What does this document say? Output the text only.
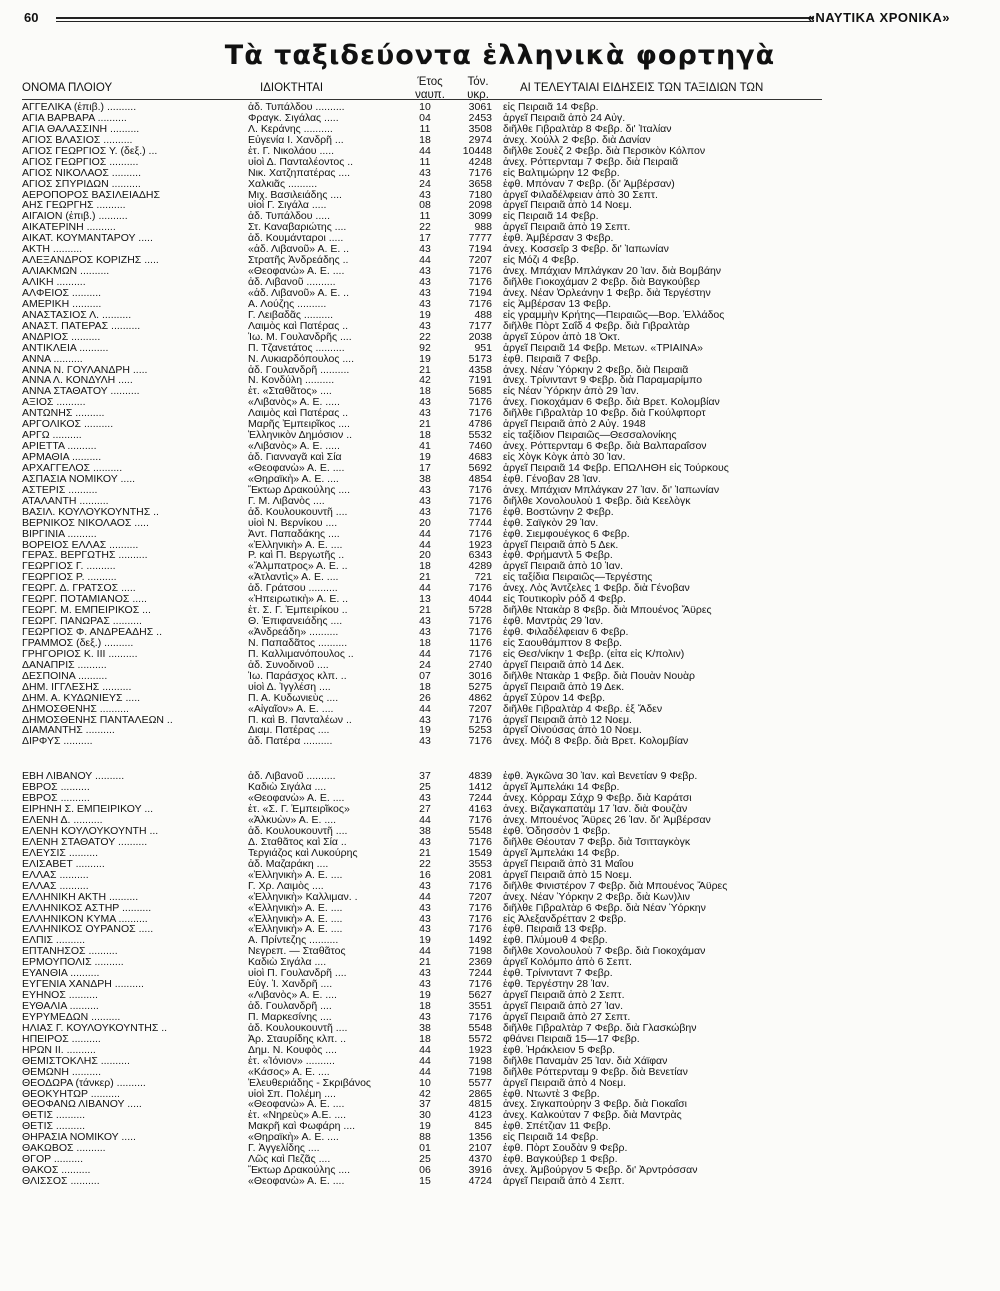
60	«ΝΑΥΤΙΚΑ ΧΡΟΝΙΚΑ»
Τὰ ταξιδεύοντα ἑλληνικὰ φορτηγὰ
ΟΝΟΜΑ ΠΛΟΙΟΥ	ΙΔΙΟΚΤΗΤΑΙ	Έτος ναυπ.
Τόν. υκρ.
ΑΙ ΤΕΛΕΥΤΑΙΑΙ ΕΙΔΗΣΕΙΣ ΤΩΝ ΤΑΞΙΔΙΩΝ ΤΩΝ
ΑΓΓΕΛΙΚΑ (ἐπιβ.) ..........	ἀδ. Τυπάλδου ..........	10	3061 εἰς Πειραιᾶ 14 Φεβρ.
ΑΓΙΑ ΒΑΡΒΑΡΑ ..........	Φραγκ. Σιγάλας .....	04	2453 ἀργεῖ Πειραιᾶ ἀπὸ 24 Αὐγ.
ΑΓΙΑ ΘΑΛΑΣΣΙΝΗ ..........	Λ. Κεράνης ..........	11	3508 διῆλθε Γιβραλτὰρ 8 Φεβρ. δι' Ἰταλίαν
ΑΓΙΟΣ ΒΛΑΣΙΟΣ ..........	Εὐγενία Ι. Χανδρῆ ...	18	2974 ἀνεχ. Χούλλ 2 Φεβρ. διὰ Δανίαν
ΑΓΙΟΣ ΓΕΩΡΓΙΟΣ Υ. (δεξ.) ...	ἐτ. Γ. Νικολάου .....	44	10448 διῆλθε Σουὲζ 2 Φεβρ. διὰ Περσικὸν Κόλπον
ΑΓΙΟΣ ΓΕΩΡΓΙΟΣ ..........	υἱοὶ Δ. Πανταλέοντος ..	11	4248 ἀνεχ. Ρόττερνταμ 7 Φεβρ. διὰ Πειραιᾶ
ΑΓΙΟΣ ΝΙΚΟΛΑΟΣ ..........	Νικ. Χατζηπατέρας ....	43	7176 εἰς Βαλτιμώρην 12 Φεβρ.
ΑΓΙΟΣ ΣΠΥΡΙΔΩΝ ..........	Χαλκιᾶς ..........	24	3658 ἐφθ. Μπόναν 7 Φεβρ. (δι' Ἀμβέρσαν)
ΑΕΡΟΠΟΡΟΣ ΒΑΣΙΛΕΙΑΔΗΣ	Μιχ. Βασιλειάδης ....	43	7180 ἀργεῖ Φιλαδέλφειαν ἀπὸ 30 Σεπτ.
ΑΗΣ ΓΕΩΡΓΗΣ ..........	υἱοὶ Γ. Σιγάλα .....	08	2098 ἀργεῖ Πειραιᾶ ἀπὸ 14 Νοεμ.
ΑΙΓΑΙΟΝ (ἐπιβ.) ..........	ἀδ. Τυπάλδου .....	11	3099 εἰς Πειραιᾶ 14 Φεβρ.
ΑΙΚΑΤΕΡΙΝΗ ..........	Στ. Καναβαριώτης ....	22	988 ἀργεῖ Πειραιᾶ ἀπὸ 19 Σεπτ.
ΑΙΚΑΤ. ΚΟΥΜΑΝΤΑΡΟΥ .....	ἀδ. Κουμάνταροι .....	17	7777 ἐφθ. Ἀμβέρσαν 3 Φεβρ.
ΑΚΤΗ ..........	«ἀδ. Λιβανοῦ» Α. Ε. ..	43	7194 ἀνεχ. Κοσσεΐρ 3 Φεβρ. δι' Ἰαπωνίαν
ΑΛΕΞΑΝΔΡΟΣ ΚΟΡΙΖΗΣ .....	Στρατῆς Ἀνδρεάδης ..	44	7207 εἰς Μόζι 4 Φεβρ.
ΑΛΙΑΚΜΩΝ ..........	«Θεοφανὼ» Α. Ε. ....	43	7176 ἀνεχ. Μπάχιαν Μπλάγκαν 20 Ἰαν. διὰ Βομβάην
ΑΛΙΚΗ ..........	ἀδ. Λιβανοῦ ..........	43	7176 διῆλθε Γιοκοχάμαν 2 Φεβρ. διὰ Βαγκούβερ
ΑΛΦΕΙΟΣ ..........	«ἀδ. Λιβανοῦ» Α. Ε. ..	43	7194 ἀνεχ. Νέαν Ὀρλεάνην 1 Φεβρ. διὰ Τεργέστην
ΑΜΕΡΙΚΗ ..........	Α. Λούζης ..........	43	7176 εἰς Ἀμβέρσαν 13 Φεβρ.
ΑΝΑΣΤΑΣΙΟΣ Λ. ..........	Γ. Λειβαδᾶς ..........	19	488 εἰς γραμμὴν Κρήτης—Πειραιῶς—Βορ. Ἑλλάδος
ΑΝΑΣΤ. ΠΑΤΕΡΑΣ ..........	Λαιμὸς καὶ Πατέρας ..	43	7177 διῆλθε Πὸρτ Σαΐδ 4 Φεβρ. διὰ Γιβραλτὰρ
ΑΝΔΡΙΟΣ ..........	Ἰω. Μ. Γουλανδρῆς ....	22	2038 ἀργεῖ Σύρον ἀπὸ 18 Ὀκτ.
ΑΝΤΙΚΛΕΙΑ ..........	Π. Τζανετάτος ..........	92	951 ἀργεῖ Πειραιᾶ 14 Φεβρ. Μετων. «ΤΡΙΑΙΝΑ»
ΑΝΝΑ ..........	Ν. Λυκιαρδόπουλος ....	19	5173 ἐφθ. Πειραιᾶ 7 Φεβρ.
ΑΝΝΑ Ν. ΓΟΥΛΑΝΔΡΗ .....	ἀδ. Γουλανδρῆ ..........	21	4358 ἀνεχ. Νέαν Ὑόρκην 2 Φεβρ. διὰ Πειραιᾶ
ΑΝΝΑ Λ. ΚΟΝΔΥΛΗ .....	Ν. Κονδύλη ..........	42	7191 ἀνεχ. Τρίνινταντ 9 Φεβρ. διὰ Παραμαρίμπο
ΑΝΝΑ ΣΤΑΘΑΤΟΥ ..........	ἐτ. «Σταθᾶτος» ....	18	5685 εἰς Νέαν Ὑόρκην ἀπὸ 29 Ἰαν.
ΑΞΙΟΣ ..........	«Λιβανὸς» Α. Ε. .....	43	7176 ἀνεχ. Γιοκοχάμαν 6 Φεβρ. διὰ Βρετ. Κολομβίαν
ΑΝΤΩΝΗΣ ..........	Λαιμὸς καὶ Πατέρας ..	43	7176 διῆλθε Γιβραλτὰρ 10 Φεβρ. διὰ Γκούλφπορτ
ΑΡΓΟΛΙΚΟΣ ..........	Μαρῆς Ἐμπειρῖκος ....	21	4786 ἀργεῖ Πειραιᾶ ἀπὸ 2 Αὐγ. 1948
ΑΡΓΩ ..........	Ἑλληνικὸν Δημόσιον ..	18	5532 εἰς ταξίδιον Πειραιῶς—Θεσσαλονίκης
ΑΡΙΕΤΤΑ ..........	«Λιβανὸς» Α. Ε. .....	41	7460 ἀνεχ. Ρόττερνταμ 6 Φεβρ. διὰ Βαλπαραΐσον
ΑΡΜΑΘΙΑ ..........	ἀδ. Γιανναγᾶ καὶ Σία	19	4683 εἰς Χὸγκ Κὸγκ ἀπὸ 30 Ἰαν.
ΑΡΧΑΓΓΕΛΟΣ ..........	«Θεοφανὼ» Α. Ε. ....	17	5692 ἀργεῖ Πειραιᾶ 14 Φεβρ. ΕΠΩΛΗΘΗ εἰς Τούρκους
ΑΣΠΑΣΙΑ ΝΟΜΙΚΟΥ .....	«Θηραϊκὴ» Α. Ε. ....	38	4854 ἐφθ. Γένοβαν 28 Ἰαν.
ΑΣΤΕΡΙΣ ..........	Ἕκτωρ Δρακούλης ....	43	7176 ἀνεχ. Μπάχιαν Μπλάγκαν 27 Ἰαν. δι' Ἰαπωνίαν
ΑΤΑΛΑΝΤΗ ..........	Γ. Μ. Λιβανὸς ....	43	7176 διῆλθε Χονολουλοὺ 1 Φεβρ. διὰ Κεελὸγκ
ΒΑΣΙΛ. ΚΟΥΛΟΥΚΟΥΝΤΗΣ ..	ἀδ. Κουλουκουντῆ ....	43	7176 ἐφθ. Βοστώνην 2 Φεβρ.
ΒΕΡΝΙΚΟΣ ΝΙΚΟΛΑΟΣ .....	υἱοὶ Ν. Βερνίκου ....	20	7744 ἐφθ. Σαϊγκὸν 29 Ἰαν.
ΒΙΡΓΙΝΙΑ ..........	Ἀντ. Παπαδάκης ....	44	7176 ἐφθ. Σιεμφουέγκος 6 Φεβρ.
ΒΟΡΕΙΟΣ ΕΛΛΑΣ ..........	«Ἑλληνικὴ» Α. Ε. ....	44	1923 ἀργεῖ Πειραιᾶ ἀπὸ 5 Δεκ.
ΓΕΡΑΣ. ΒΕΡΓΩΤΗΣ ..........	Ρ. καὶ Π. Βεργωτῆς ..	20	6343 ἐφθ. Φρήμαντλ 5 Φεβρ.
ΓΕΩΡΓΙΟΣ Γ. ..........	«Ἄλμπατρος» Α. Ε. ..	18	4289 ἀργεῖ Πειραιᾶ ἀπὸ 10 Ἰαν.
ΓΕΩΡΓΙΟΣ Ρ. ..........	«Ἀτλαντὶς» Α. Ε. ....	21	721 εἰς ταξίδια Πειραιῶς—Τεργέστης
ΓΕΩΡΓ. Δ. ΓΡΑΤΣΟΣ .....	ἀδ. Γράτσου ..........	44	7176 ἀνεχ. Λὸς Ἀντζελες 1 Φεβρ. διὰ Γένοβαν
ΓΕΩΡΓ. ΠΟΤΑΜΙΑΝΟΣ .....	«Ἠπειρωτικὴ» Α. Ε. ..	13	4044 εἰς Τουτικορὶν ρόδ 4 Φεβρ.
ΓΕΩΡΓ. Μ. ΕΜΠΕΙΡΙΚΟΣ ...	ἐτ. Σ. Γ. Ἐμπειρίκου ..	21	5728 διῆλθε Ντακὰρ 8 Φεβρ. διὰ Μπουένος Ἄϋρες
ΓΕΩΡΓ. ΠΑΝΩΡΑΣ ..........	Θ. Ἐπιφανειάδης ....	43	7176 ἐφθ. Μαντρὰς 29 Ἰαν.
ΓΕΩΡΓΙΟΣ Φ. ΑΝΔΡΕΑΔΗΣ ..	«Ἀνδρεάδη» ..........	43	7176 ἐφθ. Φιλαδέλφειαν 6 Φεβρ.
ΓΡΑΜΜΟΣ (δεξ.) ..........	Ν. Παπαδᾶτος ..........	18	1176 εἰς Σαουθάμπτον 8 Φεβρ.
ΓΡΗΓΟΡΙΟΣ Κ. ΙΙΙ ..........	Π. Καλλιμανόπουλος ..	44	7176 εἰς Θεσ/νίκην 1 Φεβρ. (εἶτα εἰς Κ/πολιν)
ΔΑΝΑΠΡΙΣ ..........	ἀδ. Συνοδινοῦ ....	24	2740 ἀργεῖ Πειραιᾶ ἀπὸ 14 Δεκ.
ΔΕΣΠΟΙΝΑ ..........	Ἰω. Παράσχος κλπ. ..	07	3016 διῆλθε Ντακὰρ 1 Φεβρ. διὰ Πουὰν Νουὰρ
ΔΗΜ. ΙΓΓΛΕΣΗΣ ..........	υἱοὶ Δ. Ἰγγλέση ....	18	5275 ἀργεῖ Πειραιᾶ ἀπὸ 19 Δεκ.
ΔΗΜ. Α. ΚΥΔΩΝΙΕΥΣ .....	Π. Α. Κυδωνιεὺς ....	26	4862 ἀργεῖ Σύρον 14 Φεβρ.
ΔΗΜΟΣΘΕΝΗΣ ..........	«Αἰγαῖον» Α. Ε. ....	44	7207 διῆλθε Γιβραλτὰρ 4 Φεβρ. ἐξ Ἄδεν
ΔΗΜΟΣΘΕΝΗΣ ΠΑΝΤΑΛΕΩΝ ..	Π. καὶ Β. Πανταλέων ..	43	7176 ἀργεῖ Πειραιᾶ ἀπὸ 12 Νοεμ.
ΔΙΑΜΑΝΤΗΣ ..........	Διαμ. Πατέρας ....	19	5253 ἀργεῖ Οἰνούσας ἀπὸ 10 Νοεμ.
ΔΙΡΦΥΣ ..........	ἀδ. Πατέρα ..........	43	7176 ἀνεχ. Μόζι 8 Φεβρ. διὰ Βρετ. Κολομβίαν
ΕΒΗ ΛΙΒΑΝΟΥ ..........	ἀδ. Λιβανοῦ ..........	37	4839 ἐφθ. Ἀγκῶνα 30 Ἰαν. καὶ Βενετίαν 9 Φεβρ.
ΕΒΡΟΣ ..........	Καδιὼ Σιγάλα ....	25	1412 ἀργεῖ Ἀμπελάκι 14 Φεβρ.
ΕΒΡΟΣ ..........	«Θεοφανὼ» Α. Ε. ....	43	7244 ἀνεχ. Κόρραμ Σάχρ 9 Φεβρ. διὰ Καράτσι
ΕΙΡΗΝΗ Σ. ΕΜΠΕΙΡΙΚΟΥ ...	ἐτ. «Σ. Γ. Ἐμπειρῖκος»	27	4163 ἀνεχ. Βιζαγκαπατὰμ 17 Ἰαν. διὰ Φουζὰν
ΕΛΕΝΗ Δ. ..........	«Ἀλκυὼν» Α. Ε. ....	44	7176 ἀνεχ. Μπουένος Ἄϋρες 26 Ἰαν. δι' Ἀμβέρσαν
ΕΛΕΝΗ ΚΟΥΛΟΥΚΟΥΝΤΗ ...	ἀδ. Κουλουκουντῆ ....	38	5548 ἐφθ. Ὀδησσὸν 1 Φεβρ.
ΕΛΕΝΗ ΣΤΑΘΑΤΟΥ ..........	Δ. Σταθᾶτος καὶ Σία ..	43	7176 διῆλθε Θέουταν 7 Φεβρ. διὰ Τσιτταγκὸγκ
ΕΛΕΥΣΙΣ ..........	Τεργιάζος καὶ Λυκούρης	21	1549 ἀργεῖ Ἀμπελάκι 14 Φεβρ.
ΕΛΙΣΑΒΕΤ ..........	ἀδ. Μαζαράκη ....	22	3553 ἀργεῖ Πειραιᾶ ἀπὸ 31 Μαΐου
ΕΛΛΑΣ ..........	«Ἑλληνικὴ» Α. Ε. ....	16	2081 ἀργεῖ Πειραιᾶ ἀπὸ 15 Νοεμ.
ΕΛΛΑΣ ..........	Γ. Χρ. Λαιμὸς ....	43	7176 διῆλθε Φινιστέρον 7 Φεβρ. διὰ Μπουένος Ἄϋρες
ΕΛΛΗΝΙΚΗ ΑΚΤΗ ..........	«Ἑλληνικὴ» Καλλιμαν. .	44	7207 ἀνεχ. Νέαν Ὑόρκην 2 Φεβρ. διὰ Κων)λιν
ΕΛΛΗΝΙΚΟΣ ΑΣΤΗΡ ..........	«Ἑλληνικὴ» Α. Ε. ....	43	7176 διῆλθε Γιβραλτὰρ 6 Φεβρ. διὰ Νέαν Ὑόρκην
ΕΛΛΗΝΙΚΟΝ ΚΥΜΑ ..........	«Ἑλληνικὴ» Α. Ε. ....	43	7176 εἰς Ἀλεξανδρέτταν 2 Φεβρ.
ΕΛΛΗΝΙΚΟΣ ΟΥΡΑΝΟΣ .....	«Ἑλληνικὴ» Α. Ε. ....	43	7176 ἐφθ. Πειραιᾶ 13 Φεβρ.
ΕΛΠΙΣ ..........	Α. Πρίντεζης ..........	19	1492 ἐφθ. Πλύμουθ 4 Φεβρ.
ΕΠΤΑΝΗΣΟΣ ..........	Νεγρεπ. — Σταθᾶτος	44	7198 διῆλθε Χονολουλοὺ 7 Φεβρ. διὰ Γιοκοχάμαν
ΕΡΜΟΥΠΟΛΙΣ ..........	Καδιὼ Σιγάλα ....	21	2369 ἀργεῖ Κολόμπο ἀπὸ 6 Σεπτ.
ΕΥΑΝΘΙΑ ..........	υἱοὶ Π. Γουλανδρῆ ....	43	7244 ἐφθ. Τρίνινταντ 7 Φεβρ.
ΕΥΓΕΝΙΑ ΧΑΝΔΡΗ ..........	Εὐγ. Ἰ. Χανδρῆ ....	43	7176 ἐφθ. Τεργέστην 28 Ἰαν.
ΕΥΗΝΟΣ ..........	«Λιβανὸς» Α. Ε. ....	19	5627 ἀργεῖ Πειραιᾶ ἀπὸ 2 Σεπτ.
ΕΥΘΑΛΙΑ ..........	ἀδ. Γουλανδρῆ ....	18	3551 ἀργεῖ Πειραιᾶ ἀπὸ 27 Ἰαν.
ΕΥΡΥΜΕΔΩΝ ..........	Π. Μαρκεσίνης ....	43	7176 ἀργεῖ Πειραιᾶ ἀπὸ 27 Σεπτ.
ΗΛΙΑΣ Γ. ΚΟΥΛΟΥΚΟΥΝΤΗΣ ..	ἀδ. Κουλουκουντῆ ....	38	5548 διῆλθε Γιβραλτὰρ 7 Φεβρ. διὰ Γλασκώβην
ΗΠΕΙΡΟΣ ..........	Ἀρ. Σταυρίδης κλπ. ..	18	5572 φθάνει Πειραιᾶ 15—17 Φεβρ.
ΗΡΩΝ ΙΙ. ..........	Δημ. Ν. Κουφὸς ....	44	1923 ἐφθ. Ἡράκλειον 5 Φεβρ.
ΘΕΜΙΣΤΟΚΛΗΣ ..........	ἐτ. «Ἰόνιον» ..........	44	7198 διῆλθε Παναμὰν 25 Ἰαν. διὰ Χάϊφαν
ΘΕΜΩΝΗ ..........	«Κάσος» Α. Ε. ....	44	7198 διῆλθε Ρόττερνταμ 9 Φεβρ. διὰ Βενετίαν
ΘΕΟΔΩΡΑ (τάνκερ) ..........	Ἐλευθεριάδης - Σκριβάνος	10	5577 ἀργεῖ Πειραιᾶ ἀπὸ 4 Νοεμ.
ΘΕΟΚΥΗΤΩΡ ..........	υἱοὶ Σπ. Πολέμη ....	42	2865 ἐφθ. Ντωντὲ 3 Φεβρ.
ΘΕΟΦΑΝΩ ΛΙΒΑΝΟΥ .....	«Θεοφανὼ» Α. Ε. ....	37	4815 ἀνεχ. Σιγκαπούρην 3 Φεβρ. διὰ Γιοκαΐσι
ΘΕΤΙΣ ..........	ἐτ. «Νηρεὺς» Α.Ε. ....	30	4123 ἀνεχ. Καλκούταν 7 Φεβρ. διὰ Μαντρὰς
ΘΕΤΙΣ ..........	Μακρῆ καὶ Φωφάρη ....	19	845 ἐφθ. Σπέτζιαν 11 Φεβρ.
ΘΗΡΑΣΙΑ ΝΟΜΙΚΟΥ .....	«Θηραϊκὴ» Α. Ε. ....	88	1356 εἰς Πειραιᾶ 14 Φεβρ.
ΘΑΚΩΒΟΣ ..........	Γ. Ἀγγελίδης ....	01	2107 ἐφθ. Πὸρτ Σουδὰν 9 Φεβρ.
ΘΓΟΡ ..........	Λῶς καὶ Πεζᾶς ....	25	4370 ἐφθ. Βαγκούβερ 1 Φεβρ.
ΘΑΚΟΣ ..........	Ἕκτωρ Δρακούλης ....	06	3916 ἀνεχ. Ἀμβούργον 5 Φεβρ. δι' Ἀρντρόσσαν
ΘΛΙΣΣΟΣ ..........	«Θεοφανὼ» Α. Ε. ....	15	4724 ἀργεῖ Πειραιᾶ ἀπὸ 4 Σεπτ.
